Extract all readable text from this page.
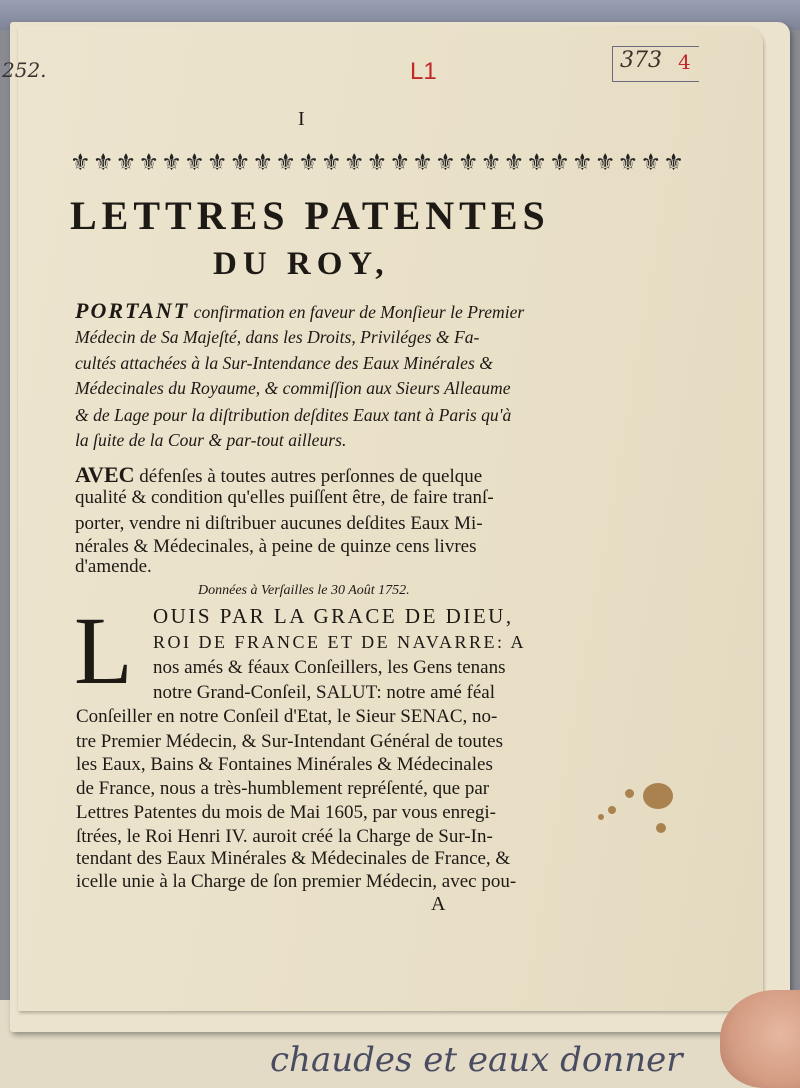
252.	L1	373 4
I
⚜⚜⚜⚜⚜⚜⚜⚜⚜⚜⚜⚜⚜⚜⚜⚜⚜⚜⚜⚜⚜⚜⚜⚜⚜⚜⚜
LETTRES PATENTES
DU ROY,
PORTANT confirmation en faveur de Monſieur le Premier
Médecin de Sa Majeſté, dans les Droits, Priviléges & Fa-
cultés attachées à la Sur-Intendance des Eaux Minérales &
Médecinales du Royaume, & commiſſion aux Sieurs Alleaume
& de Lage pour la diſtribution deſdites Eaux tant à Paris qu'à
la ſuite de la Cour & par-tout ailleurs.
AVEC défenſes à toutes autres perſonnes de quelque
qualité & condition qu'elles puiſſent être, de faire tranſ-
porter, vendre ni diſtribuer aucunes deſdites Eaux Mi-
nérales & Médecinales, à peine de quinze cens livres
d'amende.
Données à Verſailles le 30 Août 1752.
L OUIS PAR LA GRACE DE DIEU,
ROI DE FRANCE ET DE NAVARRE: A
nos amés & féaux Conſeillers, les Gens tenans
notre Grand-Conſeil, SALUT: notre amé féal
Conſeiller en notre Conſeil d'Etat, le Sieur SENAC, no-
tre Premier Médecin, & Sur-Intendant Général de toutes
les Eaux, Bains & Fontaines Minérales & Médecinales
de France, nous a très-humblement repréſenté, que par
Lettres Patentes du mois de Mai 1605, par vous enregi-
ſtrées, le Roi Henri IV. auroit créé la Charge de Sur-In-
tendant des Eaux Minérales & Médecinales de France, &
icelle unie à la Charge de ſon premier Médecin, avec pou-
A
chaudes et eaux donner
